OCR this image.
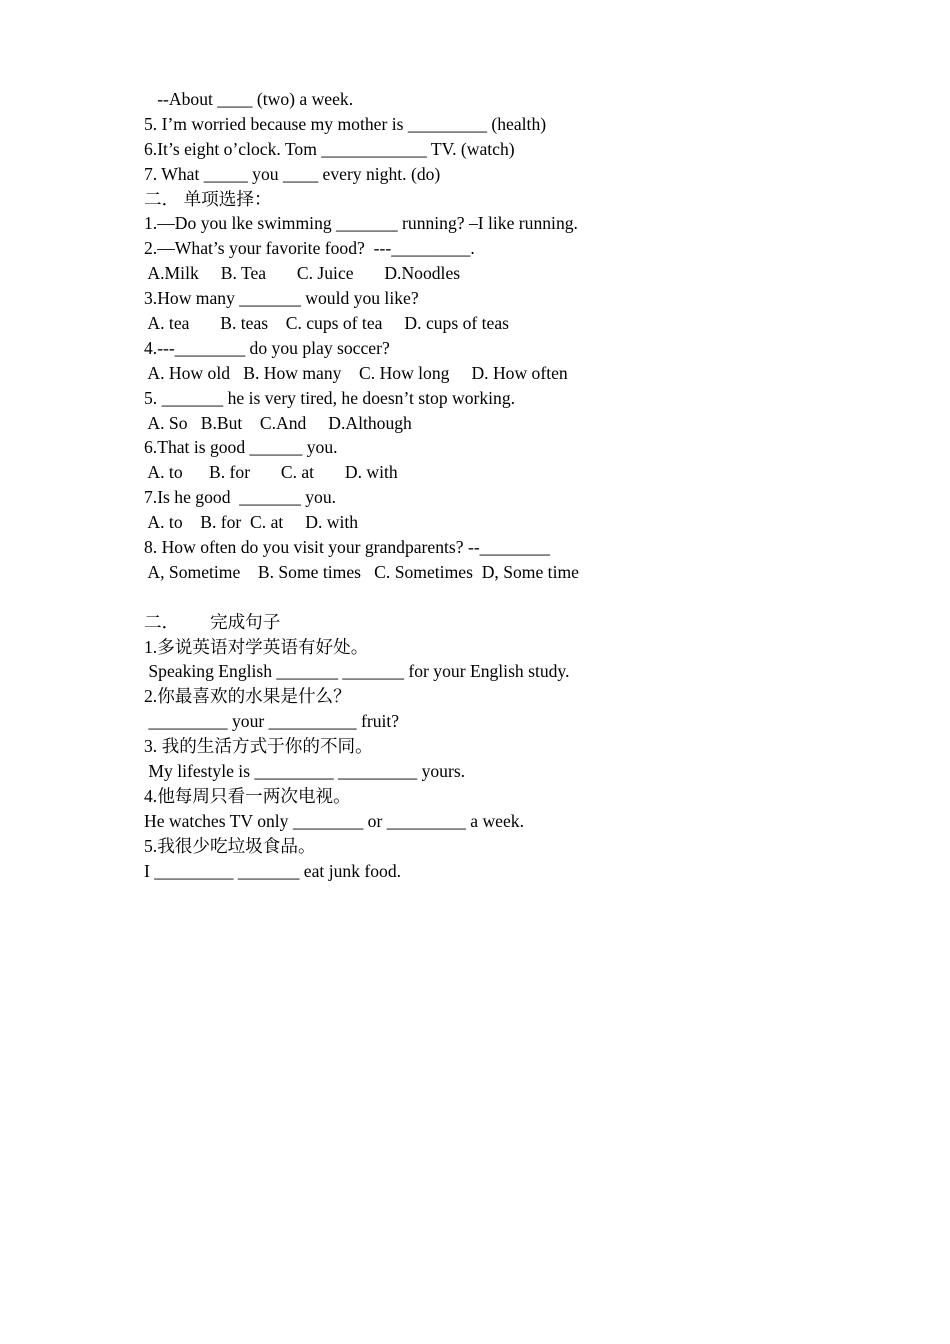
--About ____ (two) a week.
5. I’m worried because my mother is _________ (health)
6.It’s eight o’clock. Tom ____________ TV. (watch)
7. What _____ you ____ every night. (do)
二． 单项选择：
1.—Do you lke swimming _______ running? –I like running.
2.—What’s your favorite food?  ---_________.
A.Milk     B. Tea       C. Juice       D.Noodles
3.How many _______ would you like?
A. tea       B. teas    C. cups of tea     D. cups of teas
4.---________ do you play soccer?
A. How old   B. How many    C. How long     D. How often
5. _______ he is very tired, he doesn’t stop working.
A. So   B.But    C.And     D.Although
6.That is good ______ you.
A. to      B. for       C. at       D. with
7.Is he good  _______ you.
A. to    B. for  C. at     D. with
8. How often do you visit your grandparents? --________
A, Sometime    B. Some times   C. Sometimes  D, Some time
二．       完成句子
1.多说英语对学英语有好处。
Speaking English _______ _______ for your English study.
2.你最喜欢的水果是什么？
_________ your __________ fruit?
3. 我的生活方式于你的不同。
My lifestyle is _________ _________ yours.
4.他每周只看一两次电视。
He watches TV only ________ or _________ a week.
5.我很少吃垃圾食品。
I _________ _______ eat junk food.
